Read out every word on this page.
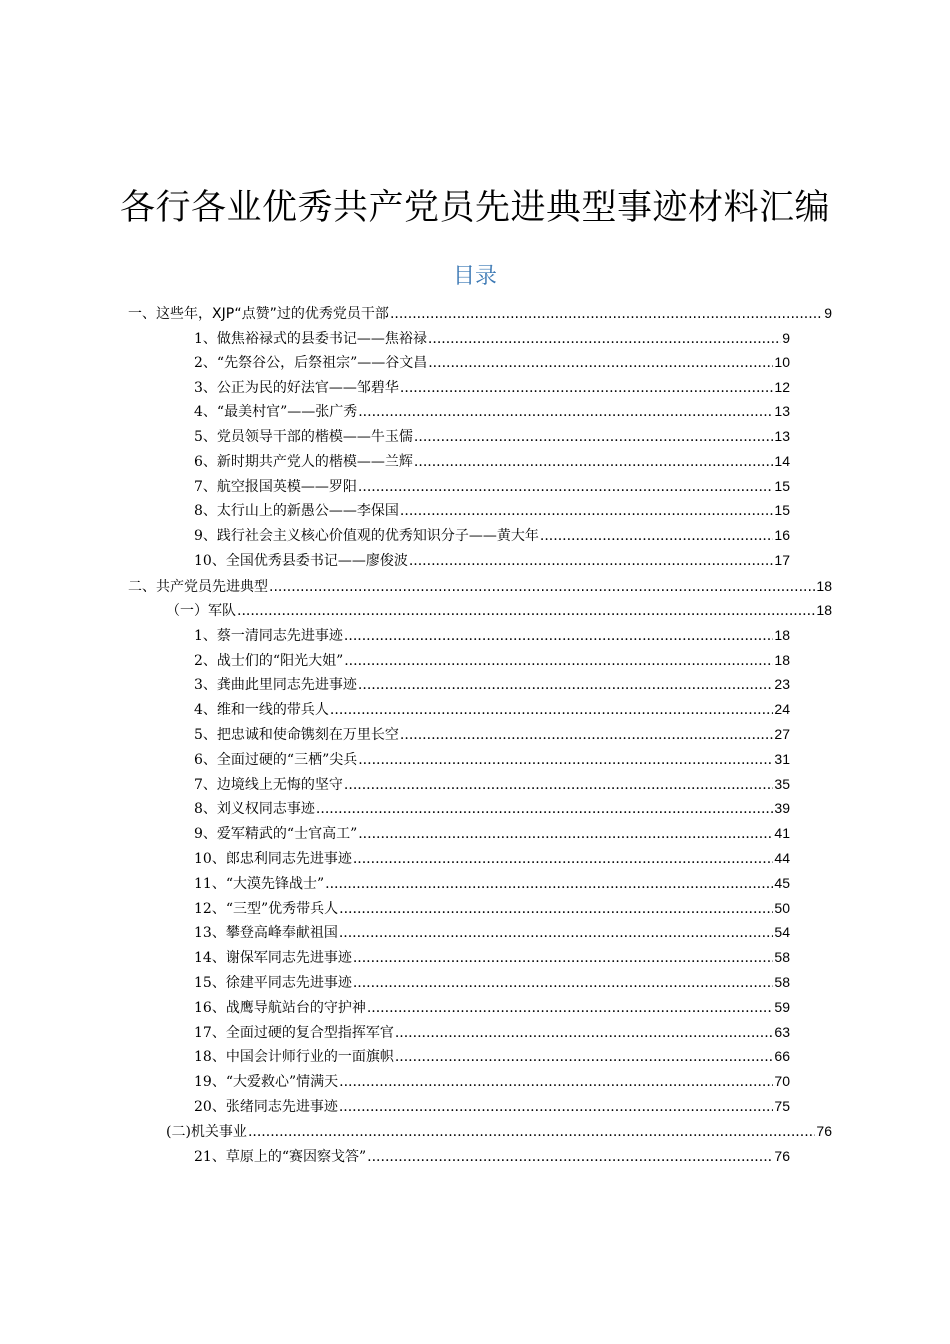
各行各业优秀共产党员先进典型事迹材料汇编
目录
一、这些年，XJP“点赞”过的优秀党员干部 .....	9
1、做焦裕禄式的县委书记——焦裕禄 .....	9
2、“先祭谷公，后祭祖宗”——谷文昌 .....	10
3、公正为民的好法官——邹碧华 .....	12
4、“最美村官”——张广秀 .....	13
5、党员领导干部的楷模——牛玉儒 .....	13
6、新时期共产党人的楷模——兰辉 .....	14
7、航空报国英模——罗阳 .....	15
8、太行山上的新愚公——李保国 .....	15
9、践行社会主义核心价值观的优秀知识分子——黄大年 .....	16
10、全国优秀县委书记——廖俊波 .....	17
二、共产党员先进典型 .....	18
（一）军队 .....	18
1、蔡一清同志先进事迹 .....	18
2、战士们的“阳光大姐” .....	18
3、龚曲此里同志先进事迹 .....	23
4、维和一线的带兵人 .....	24
5、把忠诚和使命镌刻在万里长空 .....	27
6、全面过硬的“三栖”尖兵 .....	31
7、边境线上无悔的坚守 .....	35
8、刘义权同志事迹 .....	39
9、爱军精武的“士官高工” .....	41
10、郎忠利同志先进事迹 .....	44
11、“大漠先锋战士” .....	45
12、“三型”优秀带兵人 .....	50
13、攀登高峰奉献祖国 .....	54
14、谢保军同志先进事迹 .....	58
15、徐建平同志先进事迹 .....	58
16、战鹰导航站台的守护神 .....	59
17、全面过硬的复合型指挥军官 .....	63
18、中国会计师行业的一面旗帜 .....	66
19、“大爱救心”情满天 .....	70
20、张绪同志先进事迹 .....	75
(二)机关事业 .....	76
21、草原上的“赛因察戈答” .....	76
